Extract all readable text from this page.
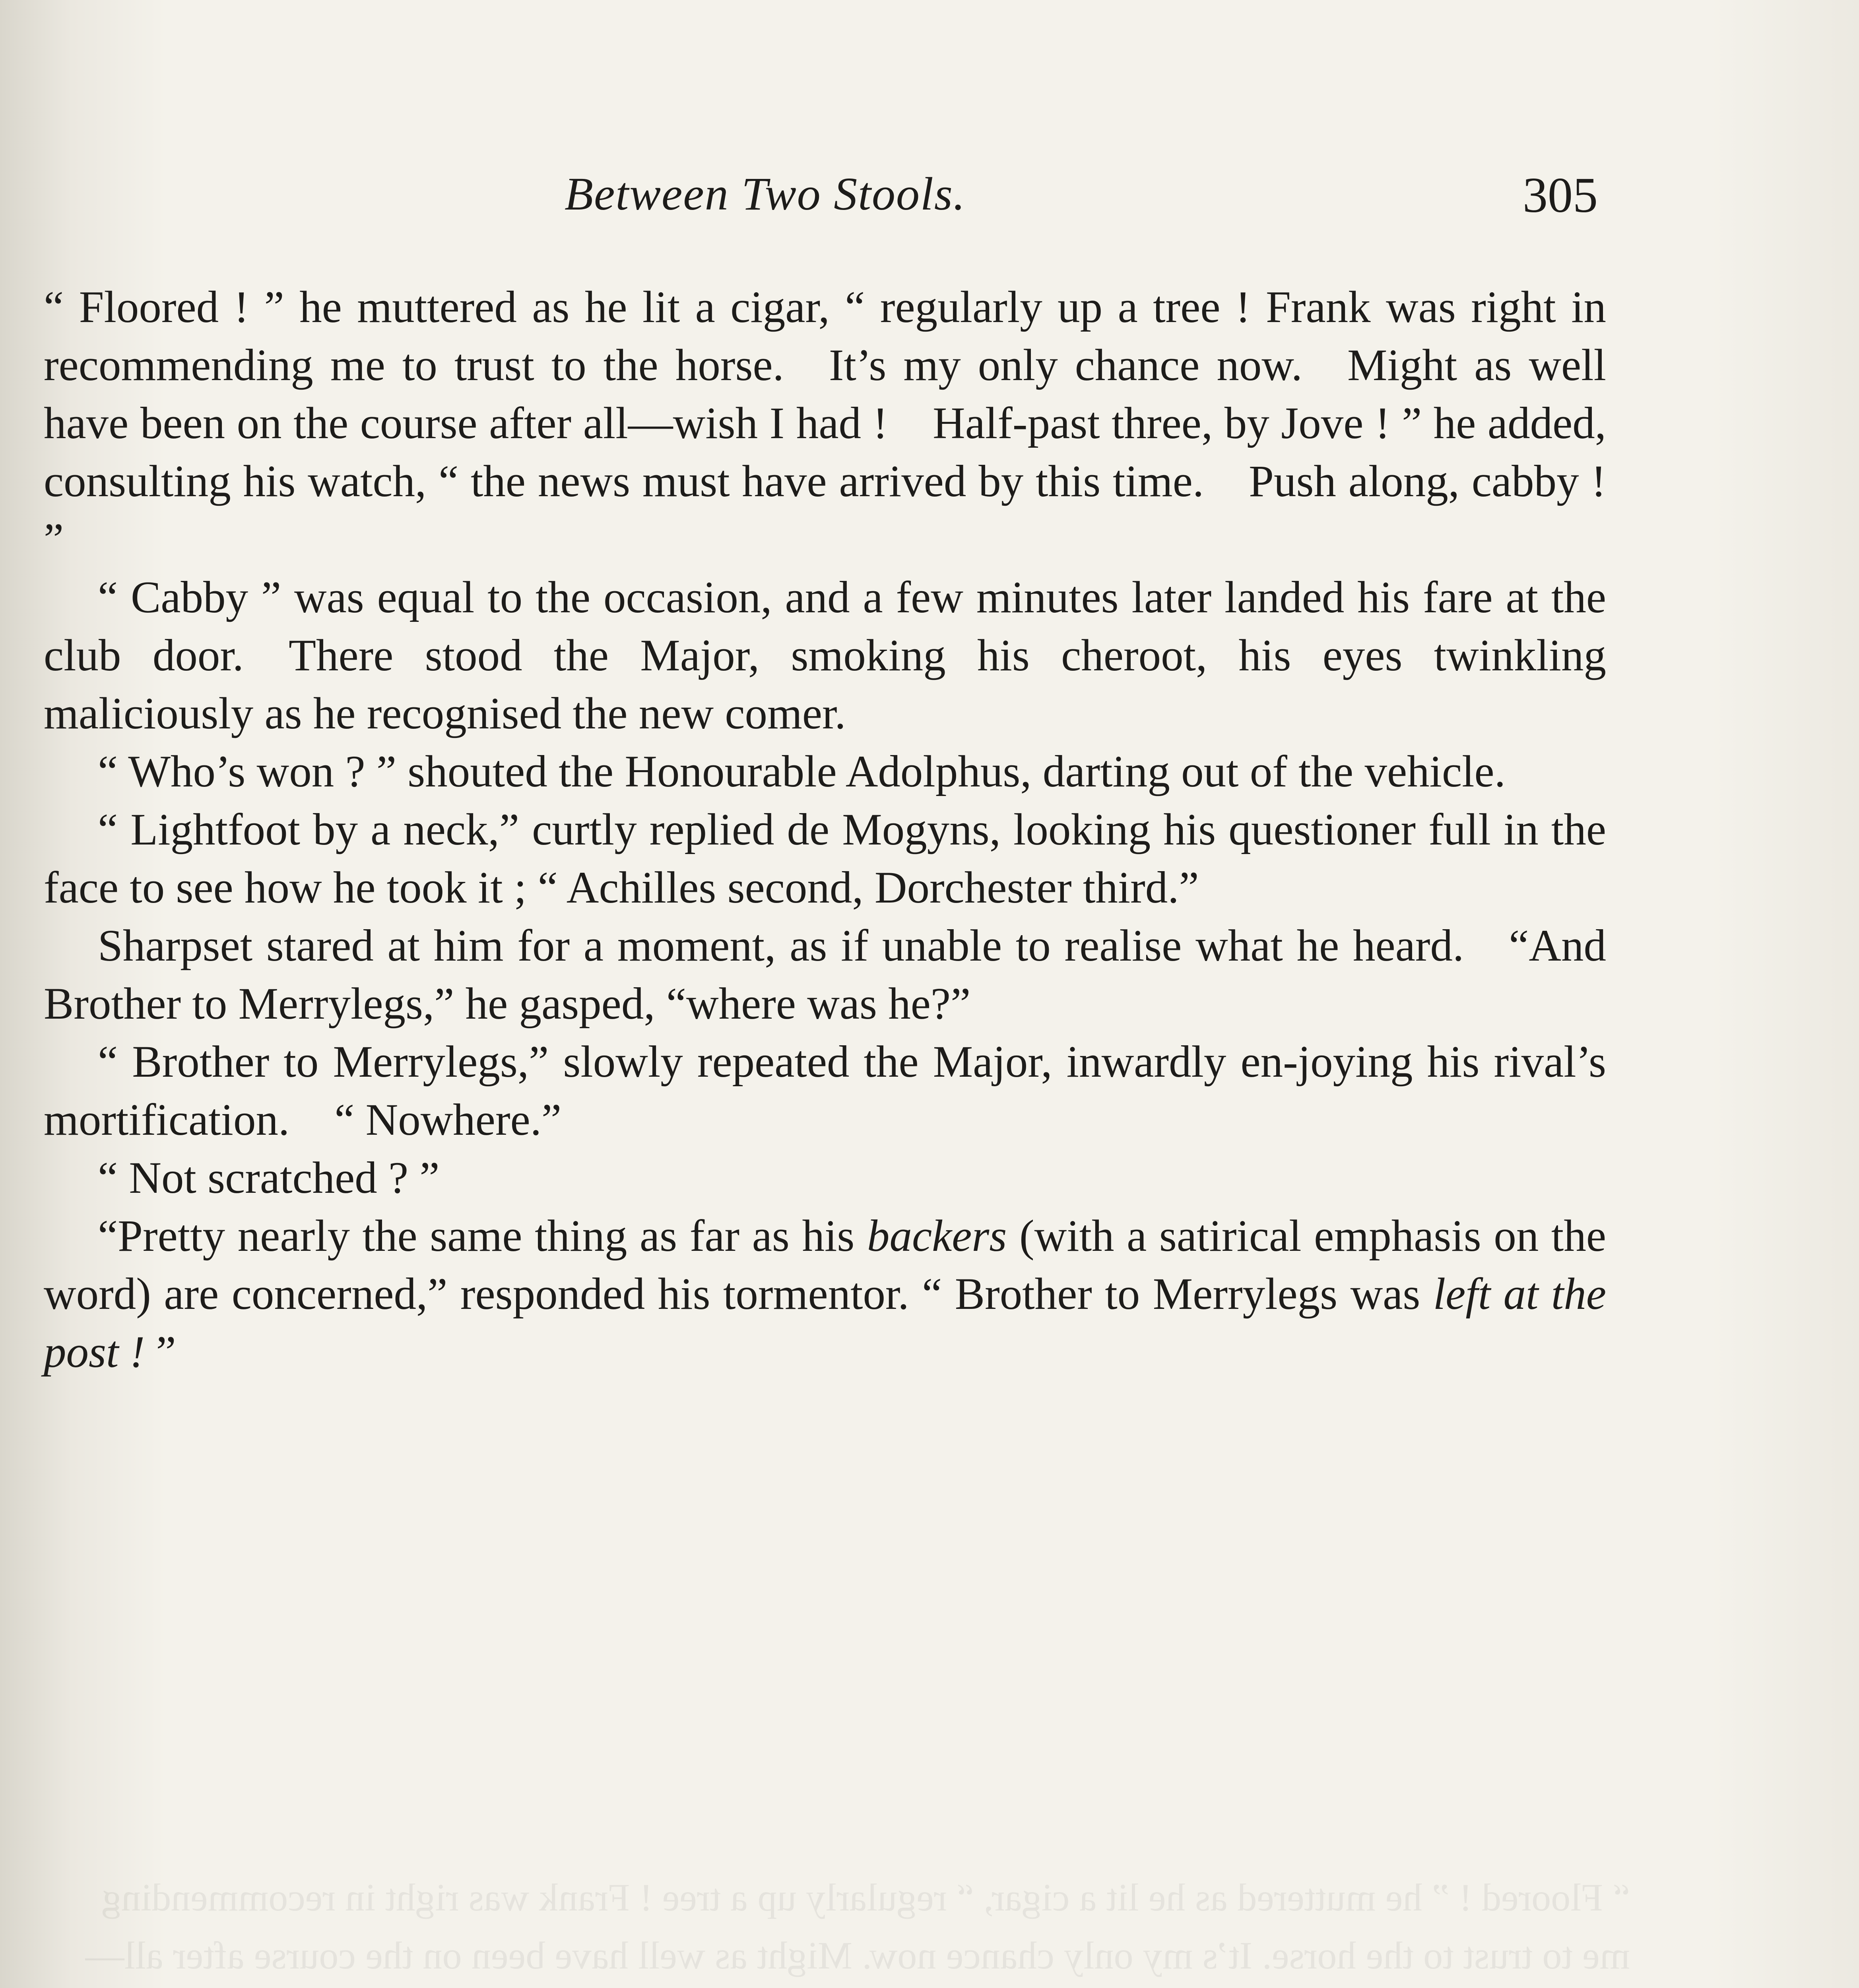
“ Floored ! ” he muttered as he lit a cigar, “ regularly up a tree ! Frank was right in recommending me to trust to the horse. It’s my only chance now. Might as well have been on the course after all—
Between Two Stools.	305

“ Floored ! ” he muttered as he lit a cigar, “ regularly up a tree ! Frank was right in recommending me to trust to the horse. It’s my only chance now. Might as well have been on the course after all—wish I had ! Half-past three, by Jove ! ” he added, consulting his watch, “ the news must have arrived by this time. Push along, cabby ! ”

“ Cabby ” was equal to the occasion, and a few minutes later landed his fare at the club door. There stood the Major, smoking his cheroot, his eyes twinkling maliciously as he recognised the new comer.

“ Who’s won ? ” shouted the Honourable Adolphus, darting out of the vehicle.

“ Lightfoot by a neck,” curtly replied de Mogyns, looking his questioner full in the face to see how he took it ; “ Achilles second, Dorchester third.”

Sharpset stared at him for a moment, as if unable to realise what he heard. “And Brother to Merrylegs,” he gasped, “where was he?”

“ Brother to Merrylegs,” slowly repeated the Major, inwardly en-joying his rival’s mortification. “ Nowhere.”

“ Not scratched ? ”

“Pretty nearly the same thing as far as his backers (with a satirical emphasis on the word) are concerned,” responded his tormentor. “ Brother to Merrylegs was left at the post ! ”
